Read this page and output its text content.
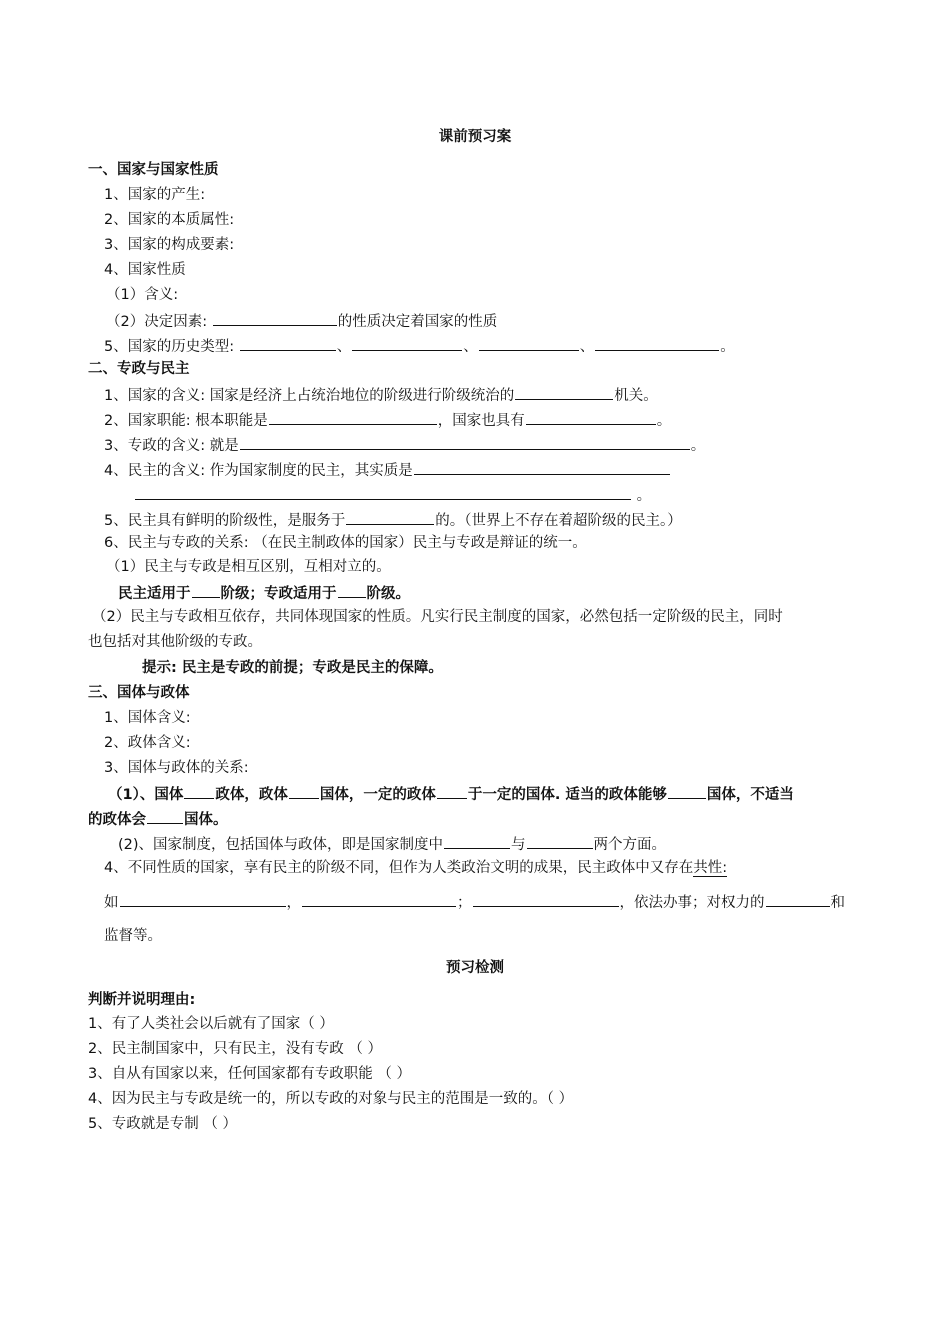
课前预习案
一、国家与国家性质
1、国家的产生:
2、国家的本质属性:
3、国家的构成要素:
4、国家性质
（1）含义:
（2）决定因素:	的性质决定着国家的性质
5、国家的历史类型:	、	、	、	。
二、专政与民主
1、国家的含义: 国家是经济上占统治地位的阶级进行阶级统治的	机关。
2、国家职能: 根本职能是	，国家也具有	。
3、专政的含义: 就是	。
4、民主的含义: 作为国家制度的民主，其实质是
。
5、民主具有鲜明的阶级性，是服务于	的。（世界上不存在着超阶级的民主。）
6、民主与专政的关系: （在民主制政体的国家）民主与专政是辩证的统一。
（1）民主与专政是相互区别，互相对立的。
民主适用于 阶级；专政适用于 阶级。
（2）民主与专政相互依存，共同体现国家的性质。凡实行民主制度的国家，必然包括一定阶级的民主，同时
也包括对其他阶级的专政。
提示: 民主是专政的前提；专政是民主的保障。
三、国体与政体
1、国体含义:
2、政体含义:
3、国体与政体的关系:
（1）、国体 政体，政体 国体，一定的政体 于一定的国体. 适当的政体能够	国体，不适当
的政体会	国体。
(2)、国家制度，包括国体与政体，即是国家制度中	与	两个方面。
4、不同性质的国家，享有民主的阶级不同，但作为人类政治文明的成果，民主政体中又存在共性:
如	，	；	，依法办事；对权力的	和
监督等。
预习检测
判断并说明理由:
1、有了人类社会以后就有了国家（ ）
2、民主制国家中，只有民主，没有专政 （ ）
3、自从有国家以来，任何国家都有专政职能 （ ）
4、因为民主与专政是统一的，所以专政的对象与民主的范围是一致的。（ ）
5、专政就是专制 （ ）
